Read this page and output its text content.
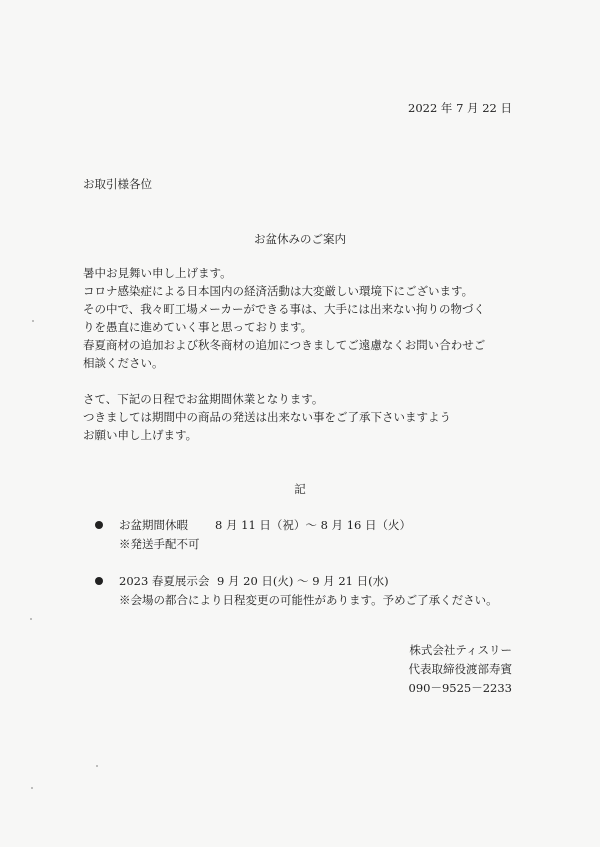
2022 年 7 月 22 日
お取引様各位
お盆休みのご案内
暑中お見舞い申し上げます。
コロナ感染症による日本国内の経済活動は大変厳しい環境下にございます。
その中で、我々町工場メーカーができる事は、大手には出来ない拘りの物づく
りを愚直に進めていく事と思っております。
春夏商材の追加および秋冬商材の追加につきましてご遠慮なくお問い合わせご
相談ください。
さて、下記の日程でお盆期間休業となります。
つきましては期間中の商品の発送は出来ない事をご了承下さいますよう
お願い申し上げます。
記
お盆期間休暇 8 月 11 日（祝）～ 8 月 16 日（火）
※発送手配不可
2023 春夏展示会 9 月 20 日(火) ～ 9 月 21 日(水)
※会場の都合により日程変更の可能性があります。予めご了承ください。
株式会社ティスリー
代表取締役渡部寿賓
090－9525－2233
